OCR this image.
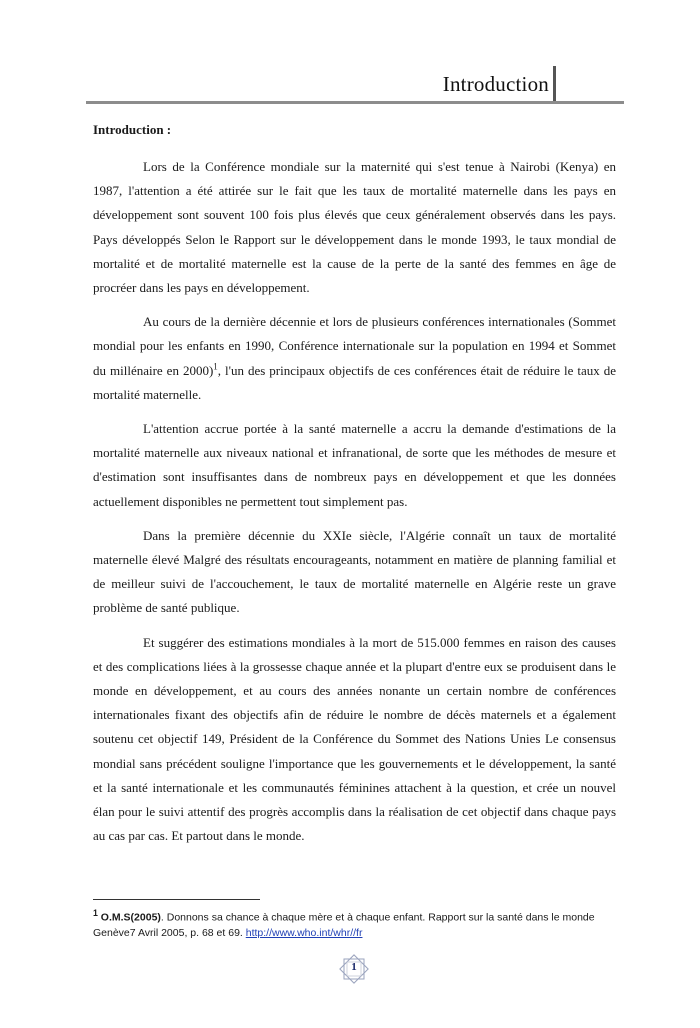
Introduction
Introduction :

Lors de la Conférence mondiale sur la maternité qui s'est tenue à Nairobi (Kenya) en 1987, l'attention a été attirée sur le fait que les taux de mortalité maternelle dans les pays en développement sont souvent 100 fois plus élevés que ceux généralement observés dans les pays. Pays développés Selon le Rapport sur le développement dans le monde 1993, le taux mondial de mortalité et de mortalité maternelle est la cause de la perte de la santé des femmes en âge de procréer dans les pays en développement.

Au cours de la dernière décennie et lors de plusieurs conférences internationales (Sommet mondial pour les enfants en 1990, Conférence internationale sur la population en 1994 et Sommet du millénaire en 2000)$^1$, l'un des principaux objectifs de ces conférences était de réduire le taux de mortalité maternelle.

L'attention accrue portée à la santé maternelle a accru la demande d'estimations de la mortalité maternelle aux niveaux national et infranational, de sorte que les méthodes de mesure et d'estimation sont insuffisantes dans de nombreux pays en développement et que les données actuellement disponibles ne permettent tout simplement pas.

Dans la première décennie du XXIe siècle, l'Algérie connaît un taux de mortalité maternelle élevé Malgré des résultats encourageants, notamment en matière de planning familial et de meilleur suivi de l'accouchement, le taux de mortalité maternelle en Algérie reste un grave problème de santé publique.

Et suggérer des estimations mondiales à la mort de 515.000 femmes en raison des causes et des complications liées à la grossesse chaque année et la plupart d'entre eux se produisent dans le monde en développement, et au cours des années nonante un certain nombre de conférences internationales fixant des objectifs afin de réduire le nombre de décès maternels et a également soutenu cet objectif 149, Président de la Conférence du Sommet des Nations Unies Le consensus mondial sans précédent souligne l'importance que les gouvernements et le développement, la santé et la santé internationale et les communautés féminines attachent à la question, et crée un nouvel élan pour le suivi attentif des progrès accomplis dans la réalisation de cet objectif dans chaque pays au cas par cas. Et partout dans le monde.

$^1$ O.M.S(2005). Donnons sa chance à chaque mère et à chaque enfant. Rapport sur la santé dans le monde
Genève7 Avril 2005, p. 68 et 69. http://www.who.int/whr//fr
1
